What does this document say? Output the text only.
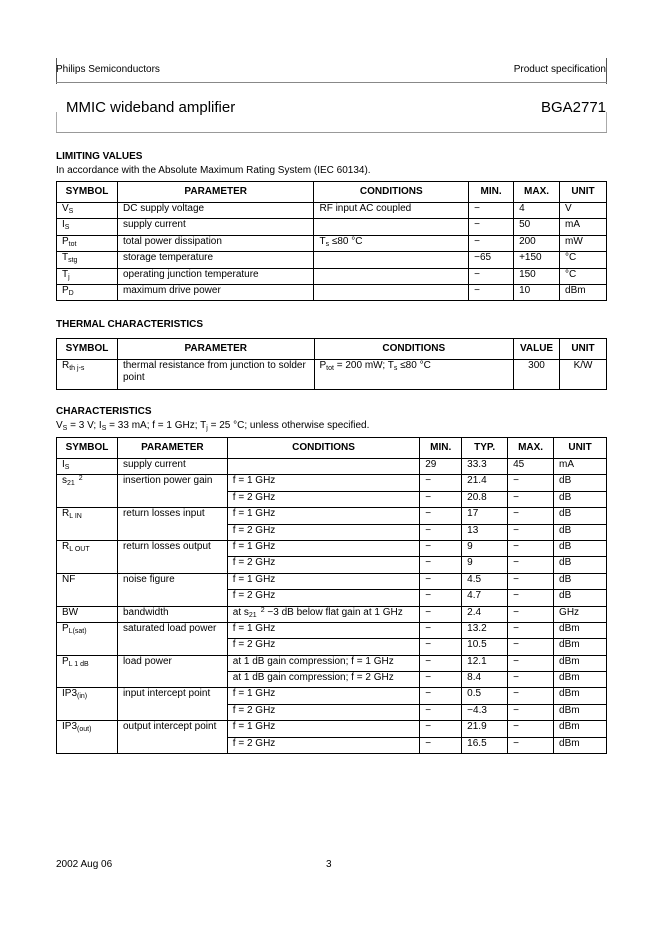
Philips Semiconductors	Product specification
MMIC wideband amplifier	BGA2771
LIMITING VALUES
In accordance with the Absolute Maximum Rating System (IEC 60134).
SYMBOL	PARAMETER	CONDITIONS	MIN.	MAX.	UNIT
$V_S$	DC supply voltage	RF input AC coupled	−	4	V
$I_S$	supply current		−	50	mA
$P_{tot}$	total power dissipation	$T_s \le 80$ °C	−	200	mW
$T_{stg}$	storage temperature		−65	+150	°C
$T_j$	operating junction temperature		−	150	°C
$P_D$	maximum drive power		−	10	dBm
THERMAL CHARACTERISTICS
SYMBOL	PARAMETER	CONDITIONS	VALUE	UNIT
$R_{th j-s}$	thermal resistance from junction to solder point	$P_{tot} = 200$ mW; $T_s \le 80$ °C	300	K/W
CHARACTERISTICS
$V_S = 3$ V; $I_S = 33$ mA; f = 1 GHz; $T_j = 25$ °C; unless otherwise specified.
SYMBOL	PARAMETER	CONDITIONS	MIN.	TYP.	MAX.	UNIT
$I_S$	supply current		29	33.3	45	mA
$s_{21}^2$	insertion power gain	f = 1 GHz	−	21.4	−	dB
		f = 2 GHz	−	20.8	−	dB
$R_{L IN}$	return losses input	f = 1 GHz	−	17	−	dB
		f = 2 GHz	−	13	−	dB
$R_{L OUT}$	return losses output	f = 1 GHz	−	9	−	dB
		f = 2 GHz	−	9	−	dB
NF	noise figure	f = 1 GHz	−	4.5	−	dB
		f = 2 GHz	−	4.7	−	dB
BW	bandwidth	at $s_{21}^2 -3$ dB below flat gain at 1 GHz	−	2.4	−	GHz
$P_{L(sat)}$	saturated load power	f = 1 GHz	−	13.2	−	dBm
		f = 2 GHz	−	10.5	−	dBm
$P_{L 1 dB}$	load power	at 1 dB gain compression; f = 1 GHz	−	12.1	−	dBm
		at 1 dB gain compression; f = 2 GHz	−	8.4	−	dBm
$IP3_{(in)}$	input intercept point	f = 1 GHz	−	0.5	−	dBm
		f = 2 GHz	−	−4.3	−	dBm
$IP3_{(out)}$	output intercept point	f = 1 GHz	−	21.9	−	dBm
		f = 2 GHz	−	16.5	−	dBm
2002 Aug 06	3
